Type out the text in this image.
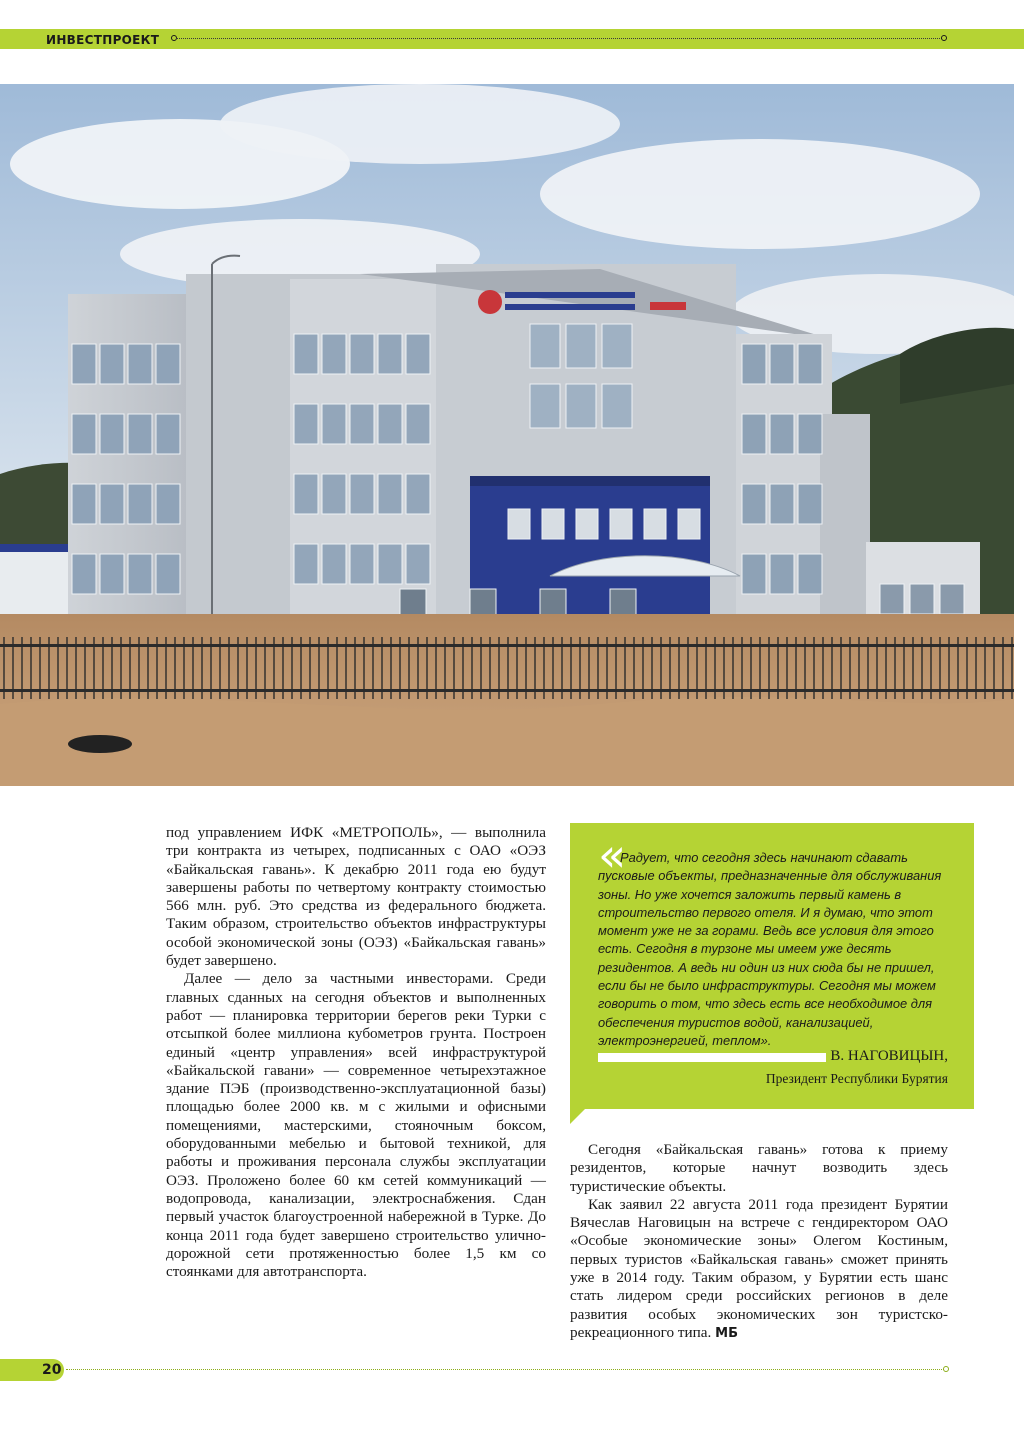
ИНВЕСТПРОЕКТ

под управлением ИФК «МЕТРОПОЛЬ», — выполнила три контракта из четырех, подписанных с ОАО «ОЭЗ «Байкальская гавань». К декабрю 2011 года ею будут завершены работы по четвертому контракту стоимостью 566 млн. руб. Это средства из федерального бюджета. Таким образом, строительство объектов инфраструктуры особой экономической зоны (ОЭЗ) «Байкальская гавань» будет завершено.

Далее — дело за частными инвесторами. Среди главных сданных на сегодня объектов и выполненных работ — планировка территории берегов реки Турки с отсыпкой более миллиона кубометров грунта. Построен единый «центр управления» всей инфраструктурой «Байкальской гавани» — современное четырехэтажное здание ПЭБ (производственно-эксплуатационной базы) площадью более 2000 кв. м с жилыми и офисными помещениями, мастерскими, стояночным боксом, оборудованными мебелью и бытовой техникой, для работы и проживания персонала службы эксплуатации ОЭЗ. Проложено более 60 км сетей коммуникаций — водопровода, канализации, электроснабжения. Сдан первый участок благоустроенной набережной в Турке. До конца 2011 года будет завершено строительство улично-дорожной сети протяженностью более 1,5 км со стоянками для автотранспорта.

«
Радует, что сегодня здесь начинают сдавать пусковые объекты, предназначенные для обслуживания зоны. Но уже хочется заложить первый камень в строительство первого отеля. И я думаю, что этот момент уже не за горами. Ведь все условия для этого есть. Сегодня в турзоне мы имеем уже десять резидентов. А ведь ни один из них сюда бы не пришел, если бы не было инфраструктуры. Сегодня мы можем говорить о том, что здесь есть все необходимое для обеспечения туристов водой, канализацией, электроэнергией, теплом».
В. НАГОВИЦЫН,
Президент Республики Бурятия

Сегодня «Байкальская гавань» готова к приему резидентов, которые начнут возводить здесь туристические объекты.

Как заявил 22 августа 2011 года президент Бурятии Вячеслав Наговицын на встрече с гендиректором ОАО «Особые экономические зоны» Олегом Костиным, первых туристов «Байкальская гавань» сможет принять уже в 2014 году. Таким образом, у Бурятии есть шанс стать лидером среди российских регионов в деле развития особых экономических зон туристско-рекреационного типа. МБ

20
